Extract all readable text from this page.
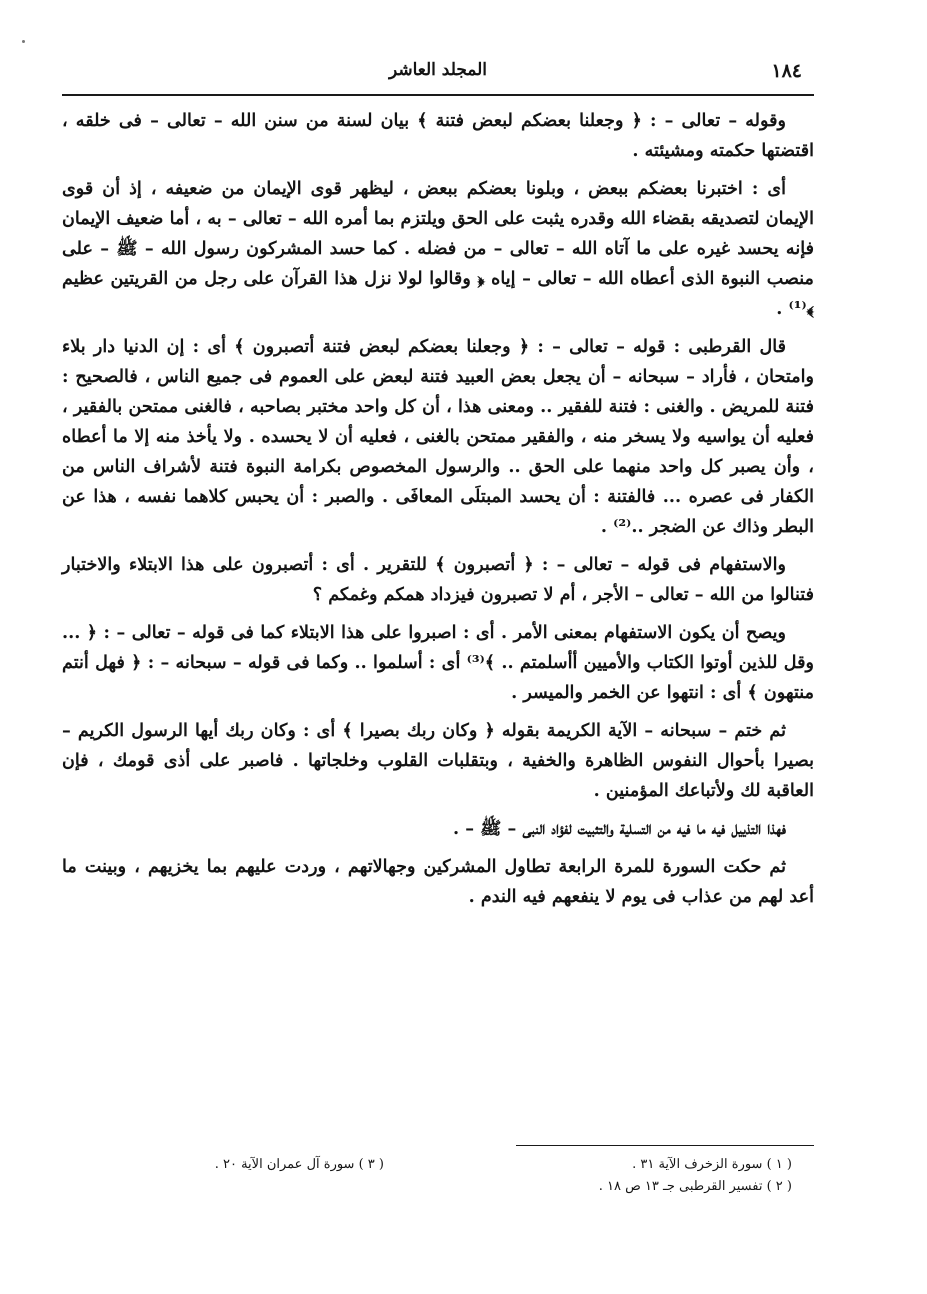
١٨٤
المجلد العاشر

وقوله – تعالى – : ﴿ وجعلنا بعضكم لبعض فتنة ﴾ بيان لسنة من سنن الله – تعالى – فى خلقه ، اقتضتها حكمته ومشيئته .

أى : اختبرنا بعضكم ببعض ، وبلونا بعضكم ببعض ، ليظهر قوى الإيمان من ضعيفه ، إذ أن قوى الإيمان لتصديقه بقضاء الله وقدره يثبت على الحق ويلتزم بما أمره الله – تعالى – به ، أما ضعيف الإيمان فإنه يحسد غيره على ما آتاه الله – تعالى – من فضله . كما حسد المشركون رسول الله – ﷺ – على منصب النبوة الذى أعطاه الله – تعالى – إياه ﴿ وقالوا لولا نزل هذا القرآن على رجل من القريتين عظيم ﴾⁽¹⁾ .

قال القرطبى : قوله – تعالى – : ﴿ وجعلنا بعضكم لبعض فتنة أتصبرون ﴾ أى : إن الدنيا دار بلاء وامتحان ، فأراد – سبحانه – أن يجعل بعض العبيد فتنة لبعض على العموم فى جميع الناس ، فالصحيح : فتنة للمريض . والغنى : فتنة للفقير .. ومعنى هذا ، أن كل واحد مختبر بصاحبه ، فالغنى ممتحن بالفقير ، فعليه أن يواسيه ولا يسخر منه ، والفقير ممتحن بالغنى ، فعليه أن لا يحسده . ولا يأخذ منه إلا ما أعطاه ، وأن يصبر كل واحد منهما على الحق .. والرسول المخصوص بكرامة النبوة فتنة لأشراف الناس من الكفار فى عصره ... فالفتنة : أن يحسد المبتلَى المعافَى . والصبر : أن يحبس كلاهما نفسه ، هذا عن البطر وذاك عن الضجر ..⁽²⁾ .

والاستفهام فى قوله – تعالى – : ﴿ أتصبرون ﴾ للتقرير . أى : أتصبرون على هذا الابتلاء والاختبار فتنالوا من الله – تعالى – الأجر ، أم لا تصبرون فيزداد همكم وغمكم ؟

ويصح أن يكون الاستفهام بمعنى الأمر . أى : اصبروا على هذا الابتلاء كما فى قوله – تعالى – : ﴿ ... وقل للذين أوتوا الكتاب والأميين أأسلمتم .. ﴾⁽³⁾ أى : أسلموا .. وكما فى قوله – سبحانه – : ﴿ فهل أنتم منتهون ﴾ أى : انتهوا عن الخمر والميسر .

ثم ختم – سبحانه – الآية الكريمة بقوله ﴿ وكان ربك بصيرا ﴾ أى : وكان ربك أيها الرسول الكريم – بصيرا بأحوال النفوس الظاهرة والخفية ، وبتقلبات القلوب وخلجاتها . فاصبر على أذى قومك ، فإن العاقبة لك ولأتباعك المؤمنين .

فهذا التذييل فيه ما فيه من التسلية والتثبيت لفؤاد النبى – ﷺ – .

ثم حكت السورة للمرة الرابعة تطاول المشركين وجهالاتهم ، وردت عليهم بما يخزيهم ، وبينت ما أعد لهم من عذاب فى يوم لا ينفعهم فيه الندم .

( ١ ) سورة الزخرف الآية ٣١ .
( ٢ ) تفسير القرطبى جـ ١٣ ص ١٨ .
( ٣ ) سورة آل عمران الآية ٢٠ .
